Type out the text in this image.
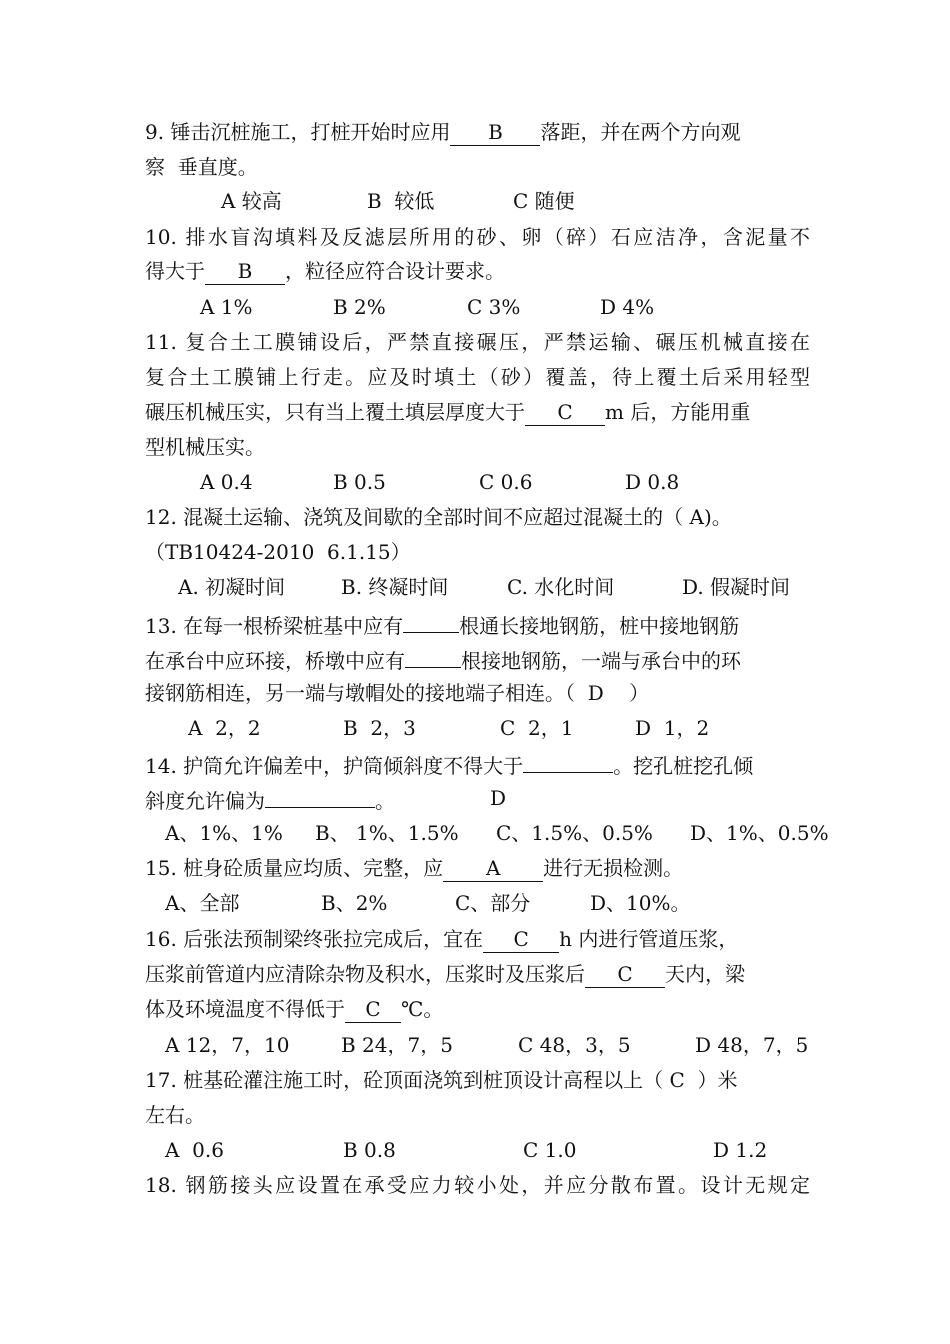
9. 锤击沉桩施工，打桩开始时应用 B 落距，并在两个方向观
察  垂直度。

A 较高

	B  较低

	C 随便

10. 排水盲沟填料及反滤层所用的砂、卵（碎）石应洁净，含泥量不
得大于 B ，粒径应符合设计要求。

A 1%

	B 2%

	C 3%

	D 4%

11. 复合土工膜铺设后，严禁直接碾压，严禁运输、碾压机械直接在
复合土工膜铺上行走。应及时填土（砂）覆盖，待上覆土后采用轻型
碾压机械压实，只有当上覆土填层厚度大于 C m 后，方能用重
型机械压实。

A 0.4

	B 0.5

	C 0.6

	D 0.8

12. 混凝土运输、浇筑及间歇的全部时间不应超过混凝土的（ A)。
（TB10424-2010  6.1.15）

A. 初凝时间

	B. 终凝时间

	C. 水化时间

	D. 假凝时间

13. 在每一根桥梁桩基中应有	根通长接地钢筋，桩中接地钢筋
在承台中应环接，桥墩中应有	根接地钢筋，一端与承台中的环
接钢筋相连，另一端与墩帽处的接地端子相连。（  D    ）

A  2，2

	B  2，3

	C  2，1

	D  1，2

14. 护筒允许偏差中，护筒倾斜度不得大于	。挖孔桩挖孔倾
斜度允许偏为	。	D

A、1%、1%

B、 1%、1.5%

C、1.5%、0.5%

D、1%、0.5%

15. 桩身砼质量应均质、完整，应 A 进行无损检测。

A、全部

	B、2%

	C、部分

	D、10%。

16. 后张法预制梁终张拉完成后，宜在 C h 内进行管道压浆，
压浆前管道内应清除杂物及积水，压浆时及压浆后 C 天内，梁
体及环境温度不得低于 C ℃。

A 12，7，10

	B 24，7，5

	C 48，3，5

	D 48，7，5

17. 桩基砼灌注施工时，砼顶面浇筑到桩顶设计高程以上（ C  ）米
左右。

A  0.6

	B 0.8

	C 1.0

	D 1.2

18. 钢筋接头应设置在承受应力较小处，并应分散布置。设计无规定
